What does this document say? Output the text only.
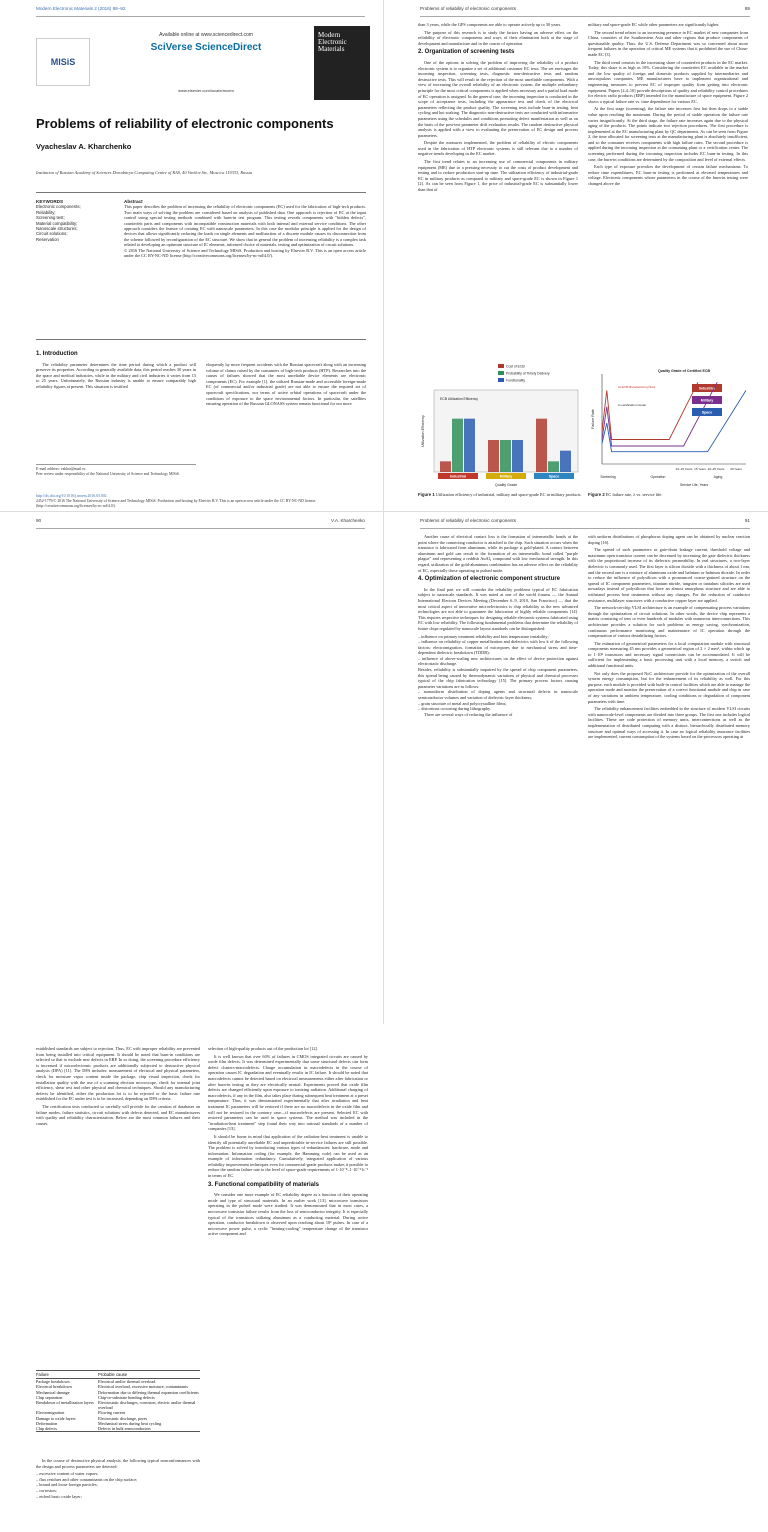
Modern Electronic Materials 2 (2016) 88–92
MISiS
Available online at www.sciencedirect.com
SciVerse ScienceDirect
www.elsevier.com/locate/moem
Modern Electronic Materials
Problems of reliability of electronic components
Vyacheslav A. Kharchenko
Institution of Russian Academy of Sciences Dorodnicyn Computing Centre of RAS, 40 Vavilov Str., Moscow 119333, Russia
KEYWORDS
Electronic components;
Reliability;
Screening test;
Material compatibility;
Nanoscale structures;
Circuit solutions;
Reservation
Abstract
This paper describes the problem of increasing the reliability of electronic components (EC) used for the fabrication of high-tech products. Two main ways of solving the problem are considered based on analysis of published data. One approach is rejection of EC at the input control using special testing methods combined with burn-in test program. This testing reveals components with "hidden defects", counterfeit parts and components with incompatible construction materials with both internal and external service conditions. The other approach considers the feature of creating EC with nanoscale parameters. In this case the modular principle is applied for the design of devices that allows significantly reducing the loads on single elements and malfunction of a discrete module causes its disconnection from the scheme followed by reconfiguration of the EC structure. We show that in general the problem of increasing reliability is a complex task related to developing an optimum structure of IC elements, informed choice of materials, testing and optimization of circuit solutions.
© 2016 The National University of Science and Technology MISiS. Production and hosting by Elsevier B.V. This is an open access article under the CC BY-NC-ND license (http://creativecommons.org/licenses/by-nc-nd/4.0/).
1. Introduction

The reliability parameter determines the time period during which a product will preserve its properties. According to generally available data, this period reaches 30 years in the space and medical industries, while in the military and civil industries it varies from 15 to 25 years. Unfortunately, the Russian industry is unable to ensure comparably high reliability figures at present. This situation is testified

eloquently by more frequent accidents with the Russian spacecraft along with an increasing volume of claims raised by the consumers of high-tech products (HTP). Researches into the causes of failures showed that the most unreliable device elements are electronic components (EC). For example [1], the utilized Russian-made and accessible foreign-made EC (of commercial and/or industrial grade) are not able to ensure the required set of spacecraft specifications, nor terms of active orbital operations of spacecraft under the conditions of exposure to the space environmental factors. In particular, the satellites ensuring operation of the Russian GLONASS system remain functional for not more

E-mail address: vakhar@mail.ru
Peer review under responsibility of the National University of Science and Technology MISiS.
http://dx.doi.org/10.1016/j.moem.2016.03.002
2452-1779/© 2016 The National University of Science and Technology MISiS. Production and hosting by Elsevier B.V. This is an open access article under the CC BY-NC-ND license (http://creativecommons.org/licenses/by-nc-nd/4.0/).
Problems of reliability of electronic components	89

than 3 years, while the GPS components are able to operate actively up to 30 years.

The purpose of this research is to study the factors having an adverse effect on the reliability of electronic components and ways of their elimination both at the stage of development and manufacture and in the course of operation.

2. Organization of screening tests

One of the options in solving the problem of improving the reliability of a product electronic system is to organize a set of additional customer EC tests. The set envisages the incoming inspection, screening tests, diagnostic non-destructive tests and random destructive tests. This will result in the rejection of the most unreliable components. With a view of increasing the overall reliability of an electronic system, the multiple redundancy principle for the most critical components is applied when necessary and a partial load mode of EC operation is assigned. In the general case, the incoming inspection is conducted in the scope of acceptance tests, including the appearance test and check of the electrical parameters reflecting the product quality. The screening tests include burn-in testing, heat cycling and hot soaking. The diagnostic non-destructive tests are conducted with informative parameters using the schedules and conditions promoting defect manifestation as well as on the basis of the post-test parameter drift evaluation results. The random destructive physical analysis is applied with a view to evaluating the preservation of EC design and process parameters.

Despite the measures implemented, the problem of reliability of electric components used in the fabrication of HTP electronic systems is still relevant due to a number of negative trends developing in the EC market.

The first trend relates to an increasing use of commercial components in military equipment (ME) due to a pressing necessity to cut the costs of product development and testing and to reduce production start-up time. The utilization efficiency of industrial-grade EC in military products as compared to military and space-grade EC is shown in Figure 1 [2]. As can be seen from Figure 1, the price of industrial-grade EC is substantially lower than that of

military and space-grade EC while other parameters are significantly higher.

The second trend relates to an increasing presence in EC market of new companies from China, countries of the Southeastern Asia and other regions that produce components of questionable quality. Thus, the U.S. Defense Department was so concerned about more frequent failures in the operation of critical ME systems that it prohibited the use of China-made EC [3].

The third trend consists in the increasing share of counterfeit products in the EC market. Today, this share is as high as 10%. Considering the counterfeit EC available in the market and the low quality of foreign and domestic products supplied by intermediaries and unscrupulous companies, ME manufacturers have to implement organizational and engineering measures to prevent EC of improper quality from getting into electronic equipment. Papers [2,4–10] provide descriptions of quality and reliability control procedures for electric radio products (ERP) intended for the manufacture of space equipment. Figure 2 shows a typical failure rate vs. time dependence for various EC.

At the first stage (screening), the failure rate increases first but then drops to a stable value upon reaching the maximum. During the period of stable operation the failure rate varies insignificantly. At the third stage, the failure rate increases again due to the physical aging of the products. The points indicate two rejection procedures. The first procedure is implemented at the EC manufacturing plant by QC departments. As can be seen from Figure 2, the time allocated for screening tests at the manufacturing plant is absolutely insufficient, and so the consumer receives components with high failure rates. The second procedure is applied during the incoming inspection at the consuming plant or a certification center. The screening performed during the incoming inspection includes EC burn-in testing. In this case, the burn-in conditions are determined by the composition and level of external effects.

Each type of exposure provokes the development of certain failure mechanisms. To reduce time expenditures, EC burn-in testing is performed at elevated temperatures and voltage. Electronic components whose parameters in the course of the burn-in testing were changed above the

Utilization Efficiency
Quality Grade
ECB Utilization Efficiency
Cost of ECB
Probability of Timely Delivery
Functionality
Industrial	Military	Space
Figure 1 Utilization efficiency of industrial, military and space-grade EC in military products.
Failure Rate
Service Life, Years
Quality Grade of Certified ECB
Screening	Operation	Aging
10–15 Years 15 Years 20–25 Years 30 Years
At ECB Manufacturing Plant
In certification Center
Industrial
Military
Space
Figure 2 EC failure rate, λ vs. service life.
90	V.A. Kharchenko

established standards are subject to rejection. Thus, EC with improper reliability are prevented from being installed into critical equipment. It should be noted that burn-in conditions are selected so that to exclude new defects in ERP. In so doing, the screening procedure efficiency is increased if microelectronic products are additionally subjected to destructive physical analysis (DPA) [11]. The DPA includes: measurement of electrical and physical parameters, check for moisture vapor content inside the package, chip visual inspection, check for installation quality with the use of a scanning electron microscope, check for internal joint efficiency, shear test and other physical and chemical techniques. Should any manufacturing defects be identified, either the production lot is to be rejected or the basic failure rate established for the EC under test is to be increased, depending on DPA criteria.

The certification tests conducted so carefully will provide for the creation of databases on failure modes, failure statistics, circuit solutions with defects detected, and EC manufacturers with quality and reliability characterization. Below are the most common failures and their causes.

Failure	Probable cause
Package breakdown	Electrical and/or thermal overload
Electrical breakdown	Electrical overload, excessive moisture, contaminants
Mechanical damage	Deformation due to differing thermal expansion coefficients
Chip separation	Chip-to-substrate bonding defects
Breakdown of metallization layers	Electrostatic discharges, corrosion, electric and/or thermal overload
Electromigration	Flowing current
Damage to oxide layers	Electrostatic discharge, pores
Deformation	Mechanical stress during heat cycling
Chip defects	Defects in bulk semiconductors

In the course of destructive physical analysis, the following typical nonconformances with the design and process parameters are detected:

– excessive content of water vapors;
– flux residues and other contaminants on the chip surface;
– bound and loose foreign particles;
– corrosion;
– etched basic oxide layer;

selection of high-quality products out of the production lot [12].

It is well known that over 60% of failures in CMOS integrated circuits are caused by oxide film defects. It was determined experimentally that some structural defects can form defect clusters-macrodefects. Charge accumulation in macrodefects in the course of operation causes IC degradation and eventually results in IC failure. It should be noted that macrodefects cannot be detected based on electrical measurements either after fabrication or after burn-in testing as they are electrically neutral. Experiments proved that oxide film defects are changed efficiently upon exposure to ionizing radiation. Additional charging of macrodefects, if any in the film, also takes place during subsequent heat treatment at a preset temperature. Thus, it was demonstrated experimentally that after irradiation and heat treatment IC parameters will be restored if there are no macrodefects in the oxide film and will not be restored in the contrary case—if macrodefects are present. Selected EC with restored parameters can be used in space systems. The method was included in the "irradiation-heat treatment" step found their way into rational standards of a number of companies [13].

It should be borne in mind that application of the radiation-heat treatment is unable to identify all potentially unreliable EC and unpredictable in-service failures are still possible. The problem is solved by introducing various types of redundancies: hardware, mode and information. Information coding (for example, the Hamming code) can be used as an example of information redundancy. Cumulatively, integrated application of various reliability improvement techniques even for commercial-grade products makes it possible to reduce the random failure rate to the level of space-grade requirements of 1·10⁻⁸–1·10⁻⁹ h⁻¹ in terms of EC.

3. Functional compatibility of materials

We consider one more example of EC reliability degree as a function of their operating mode and type of structural materials. In an earlier work [13], microwave transistors operating in the pulsed mode were studied. It was demonstrated that in most cases, a microwave transistor failure results from the loss of semiconductor integrity. It is especially typical of the transistors utilizing aluminum as a conducting material. During active operation, conductor breakdown is observed upon reaching about 10⁶ pulses. In case of a microwave power pulse, a cyclic "heating-cooling" temperature change of the transistor active component and

Problems of reliability of electronic components	91

Another cause of electrical contact loss is the formation of intermetallic bonds at the point where the connecting conductor is attached to the chip. Such situation occurs when the transistor is fabricated from aluminum, while its package is gold-plated. A contact between aluminum and gold can result in the formation of an intermetallic bond called "purple plague" and representing a reddish AuAl₂ compound with low mechanical strength. In this regard, utilization of the gold-aluminum combination has an adverse effect on the reliability of EC, especially those operating in pulsed mode.

4. Optimization of electronic component structure

In the final part we will consider the reliability problems typical of EC fabrication subject to nanoscale standards. It was noted at one of the world forums — the Annual International Electron Devices Meeting (December 6–9, 2010, San Francisco) — that the most critical aspect of innovative microelectronics is chip reliability as the new advanced technologies are not able to guarantee the fabrication of highly reliable components [14]. This requires respective techniques for designing reliable electronic systems fabricated using EC with low reliability. The following fundamental problems that determine the reliability of future chips regulated by nanoscale layout standards can be distinguished:

– influence on primary treatment reliability and bias temperature instability;
– influence on reliability of copper metallization and dielectrics with low k of the following factors: electromigration, formation of micropores due to mechanical stress and time-dependent dielectric breakdown (TDDB);
– influence of above-scaling new architectures on the effect of device protection against electrostatic discharge.
Besides, reliability is substantially impaired by the spread of chip component parameters, this spread being caused by thermodynamic variations of physical and chemical processes typical of the chip fabrication technology [15]. The primary process factors causing parameter variations are as follows:
– nonuniform distribution of doping agents and structural defects in nanoscale semiconductor volumes and variation of dielectric layer thickness;
– grain structure of metal and polycrystalline films;
– distortions occurring during lithography.

There are several ways of reducing the influence of

with uniform distributions of phosphorus doping agent can be obtained by nuclear reaction doping [16].

The spread of such parameters as gate-drain leakage current, threshold voltage and maximum open transistor current can be decreased by increasing the gate dielectric thickness with the proportional increase of its dielectric permeability. In real structures, a two-layer dielectric is commonly used. The first layer is silicon dioxide with a thickness of about 1 nm, and the second one is a mixture of aluminum oxide and hafnium or hafnium dioxide. In order to reduce the influence of polysilicon with a pronounced coarse-grained structure on the spread of IC component parameters, titanium nitride, tungsten or tantalum silicides are used nowadays instead of polysilicon that have an almost amorphous structure and are able to withstand process heat treatments without any changes. For the reduction of conductor resistance, multilayer structures with a conductive copper layer are applied.

The network-on-chip VLSI architecture is an example of compensating process variations through the optimization of circuit solutions. In other words, the device chip represents a matrix consisting of tens or even hundreds of modules with numerous interconnections. This architecture provides a solution for such problems as energy saving, synchronization, continuous performance monitoring and maintenance of IC operation through the compensation of various destabilizing factors.

The estimation of geometrical parameters for a local computation module with structural components measuring 45 nm provides a geometrical region of 2 × 2 mm², within which up to 1·10⁸ transistors and necessary signal connections can be accommodated. It will be sufficient for implementing a basic processing unit with a local memory, a switch and additional functional units.

Not only does the proposed NoC architecture provide for the optimization of the overall system energy consumption, but for the enhancement of its reliability as well. For this purpose, each module is provided with built-in control facilities which are able to manage the operation mode and monitor the preservation of a correct functional module and chip in case of any variations in ambient temperature, cooling conditions or degradation of component parameters with time.

The reliability enhancement facilities embedded in the structure of modern VLSI circuits with nanoscale-level components are divided into three groups. The first one includes logical facilities. These are code protection of memory units, interconnections as well as the implementation of distributed computing with a distinct, hierarchically distributed memory structure and optimal ways of accessing it. In case no logical reliability assurance facilities are implemented, current consumption of the systems based on the processors operating at
